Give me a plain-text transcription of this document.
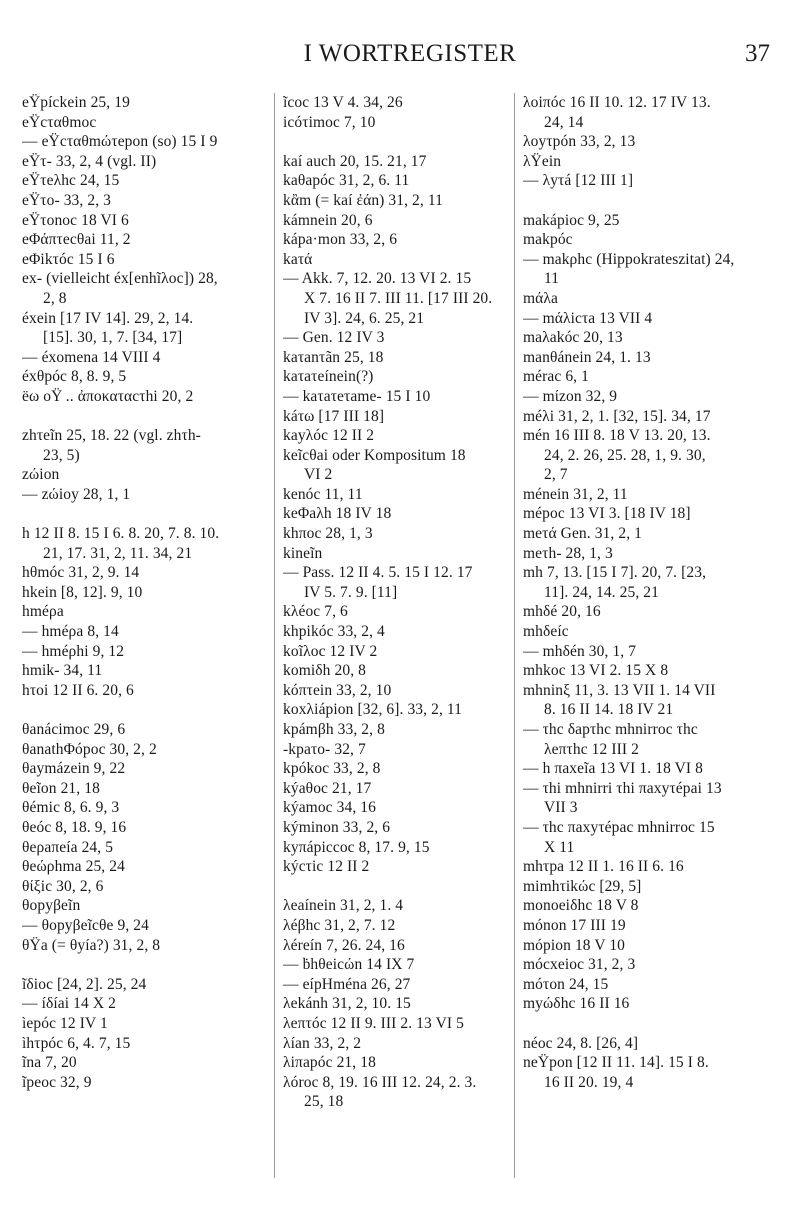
I WORTREGISTER	37
eΫpíckein 25, 19
eΫcταθmoc
— eΫcταθmώτepon (so) 15 I 9
eΫτ- 33, 2, 4 (vgl. II)
eΫτeλhc 24, 15
eΫτo- 33, 2, 3
eΫτonoc 18 VI 6
eΦάπτecθai 11, 2
eΦikτóc 15 I 6
ex- (vielleicht éx[enhĩλoc]) 28,
2, 8
éxein [17 IV 14]. 29, 2, 14.
[15]. 30, 1, 7. [34, 17]
— éxomena 14 VIII 4
éxθpóc 8, 8. 9, 5
ëω oΫ .. ἀποκαταcτhi 20, 2
zhτeĩn 25, 18. 22 (vgl. zhτh-
23, 5)
zώion
— zώioy 28, 1, 1
h 12 II 8. 15 I 6. 8. 20, 7. 8. 10.
21, 17. 31, 2, 11. 34, 21
hθmóc 31, 2, 9. 14
hkein [8, 12]. 9, 10
hméρa
— hméρa 8, 14
— hméρhi 9, 12
hmik- 34, 11
hτoi 12 II 6. 20, 6
θanácimoc 29, 6
θanathΦópoc 30, 2, 2
θaymázein 9, 22
θeĩon 21, 18
θémic 8, 6. 9, 3
θeóc 8, 18. 9, 16
θeρaπeía 24, 5
θeώρhma 25, 24
θίξic 30, 2, 6
θopyβeĩn
— θopyβeĩcθe 9, 24
θΫa (= θyía?) 31, 2, 8
ĩδioc [24, 2]. 25, 24
— íδíai 14 X 2
ìepóc 12 IV 1
ìhτpóc 6, 4. 7, 15
ĩna 7, 20
ĩpeoc 32, 9
ĩcoc 13 V 4. 34, 26
icóτimoc 7, 10
kaí auch 20, 15. 21, 17
kaθapóc 31, 2, 6. 11
kἂm (= kaí ἐάn) 31, 2, 11
kámnein 20, 6
kápa·mon 33, 2, 6
kaτά
— Akk. 7, 12. 20. 13 VI 2. 15
X 7. 16 II 7. III 11. [17 III 20.
IV 3]. 24, 6. 25, 21
— Gen. 12 IV 3
kaτanτãn 25, 18
kaτaτeínein(?)
— kaτaτeτame- 15 I 10
káτω [17 III 18]
kayλóc 12 II 2
keĩcθai oder Kompositum 18
VI 2
kenóc 11, 11
keΦaλh 18 IV 18
khπoc 28, 1, 3
kineĩn
— Pass. 12 II 4. 5. 15 I 12. 17
IV 5. 7. 9. [11]
kλéoc 7, 6
khpikóc 33, 2, 4
koĩλoc 12 IV 2
komiδh 20, 8
kóπτein 33, 2, 10
koxλiápion [32, 6]. 33, 2, 11
kpámβh 33, 2, 8
-kpaτo- 32, 7
kpókoc 33, 2, 8
kýaθoc 21, 17
kýamoc 34, 16
kýminon 33, 2, 6
kyπápiccoc 8, 17. 9, 15
kýcτic 12 II 2
λeaínein 31, 2, 1. 4
λéβhc 31, 2, 7. 12
λéreín 7, 26. 24, 16
— ḃhθeicώn 14 IX 7
— eípHména 26, 27
λekánh 31, 2, 10. 15
λeπτóc 12 II 9. III 2. 13 VI 5
λían 33, 2, 2
λiπapóc 21, 18
λóroc 8, 19. 16 III 12. 24, 2. 3.
25, 18
λoiπóc 16 II 10. 12. 17 IV 13.
24, 14
λoyτpón 33, 2, 13
λΫein
— λyτá [12 III 1]
makápioc 9, 25
makpóc
— makρhc (Hippokrateszitat) 24,
11
mάλa
— mάλicτa 13 VII 4
maλakóc 20, 13
manθánein 24, 1. 13
mérac 6, 1
— mίzon 32, 9
méλi 31, 2, 1. [32, 15]. 34, 17
mén 16 III 8. 18 V 13. 20, 13.
24, 2. 26, 25. 28, 1, 9. 30,
2, 7
ménein 31, 2, 11
mépoc 13 VI 3. [18 IV 18]
meτά Gen. 31, 2, 1
meτh- 28, 1, 3
mh 7, 13. [15 I 7]. 20, 7. [23,
11]. 24, 14. 25, 21
mhδé 20, 16
mhδeíc
— mhδén 30, 1, 7
mhkoc 13 VI 2. 15 X 8
mhninξ 11, 3. 13 VII 1. 14 VII
8. 16 II 14. 18 IV 21
— τhc δapτhc mhnirroc τhc
λeπτhc 12 III 2
— h πaxeĩa 13 VI 1. 18 VI 8
— τhi mhnirri τhi πaxyτépai 13
VII 3
— τhc πaxyτépac mhnirroc 15
X 11
mhτpa 12 II 1. 16 II 6. 16
mimhτikώc [29, 5]
monoeiδhc 18 V 8
mónon 17 III 19
mópion 18 V 10
mócxeioc 31, 2, 3
móτon 24, 15
myώδhc 16 II 16
néoc 24, 8. [26, 4]
neΫpon [12 II 11. 14]. 15 I 8.
16 II 20. 19, 4
